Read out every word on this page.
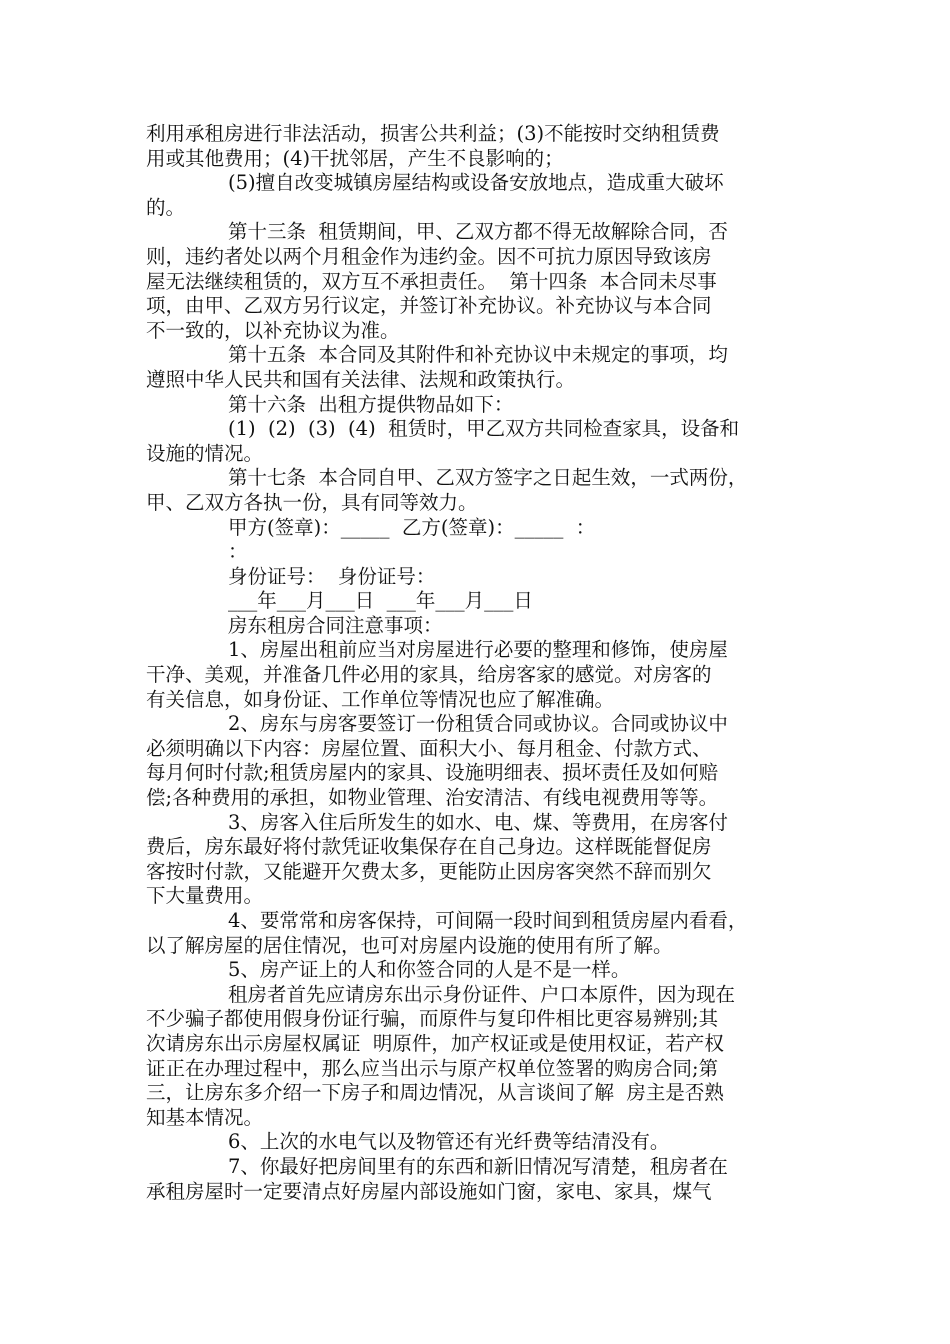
利用承租房进行非法活动，损害公共利益；(3)不能按时交纳租赁费
用或其他费用；(4)干扰邻居，产生不良影响的；
(5)擅自改变城镇房屋结构或设备安放地点，造成重大破坏
的。
第十三条  租赁期间，甲、乙双方都不得无故解除合同，否
则，违约者处以两个月租金作为违约金。因不可抗力原因导致该房
屋无法继续租赁的，双方互不承担责任。  第十四条  本合同未尽事
项，由甲、乙双方另行议定，并签订补充协议。补充协议与本合同
不一致的，以补充协议为准。
第十五条  本合同及其附件和补充协议中未规定的事项，均
遵照中华人民共和国有关法律、法规和政策执行。
第十六条  出租方提供物品如下：
(1)  (2)  (3)  (4)  租赁时，甲乙双方共同检查家具，设备和
设施的情况。
第十七条  本合同自甲、乙双方签字之日起生效，一式两份，
甲、乙双方各执一份，具有同等效力。
甲方(签章)：_____  乙方(签章)：_____  ：
：
身份证号：  身份证号：
___年___月___日  ___年___月___日
房东租房合同注意事项：
1、房屋出租前应当对房屋进行必要的整理和修饰，使房屋
干净、美观，并准备几件必用的家具，给房客家的感觉。对房客的
有关信息，如身份证、工作单位等情况也应了解准确。
2、房东与房客要签订一份租赁合同或协议。合同或协议中
必须明确以下内容：房屋位置、面积大小、每月租金、付款方式、
每月何时付款;租赁房屋内的家具、设施明细表、损坏责任及如何赔
偿;各种费用的承担，如物业管理、治安清洁、有线电视费用等等。
3、房客入住后所发生的如水、电、煤、等费用，在房客付
费后，房东最好将付款凭证收集保存在自己身边。这样既能督促房
客按时付款，又能避开欠费太多，更能防止因房客突然不辞而别欠
下大量费用。
4、要常常和房客保持，可间隔一段时间到租赁房屋内看看，
以了解房屋的居住情况，也可对房屋内设施的使用有所了解。
5、房产证上的人和你签合同的人是不是一样。
租房者首先应请房东出示身份证件、户口本原件，因为现在
不少骗子都使用假身份证行骗，而原件与复印件相比更容易辨别;其
次请房东出示房屋权属证  明原件，加产权证或是使用权证，若产权
证正在办理过程中，那么应当出示与原产权单位签署的购房合同;第
三，让房东多介绍一下房子和周边情况，从言谈间了解  房主是否熟
知基本情况。
6、上次的水电气以及物管还有光纤费等结清没有。
7、你最好把房间里有的东西和新旧情况写清楚，租房者在
承租房屋时一定要清点好房屋内部设施如门窗，家电、家具，煤气
